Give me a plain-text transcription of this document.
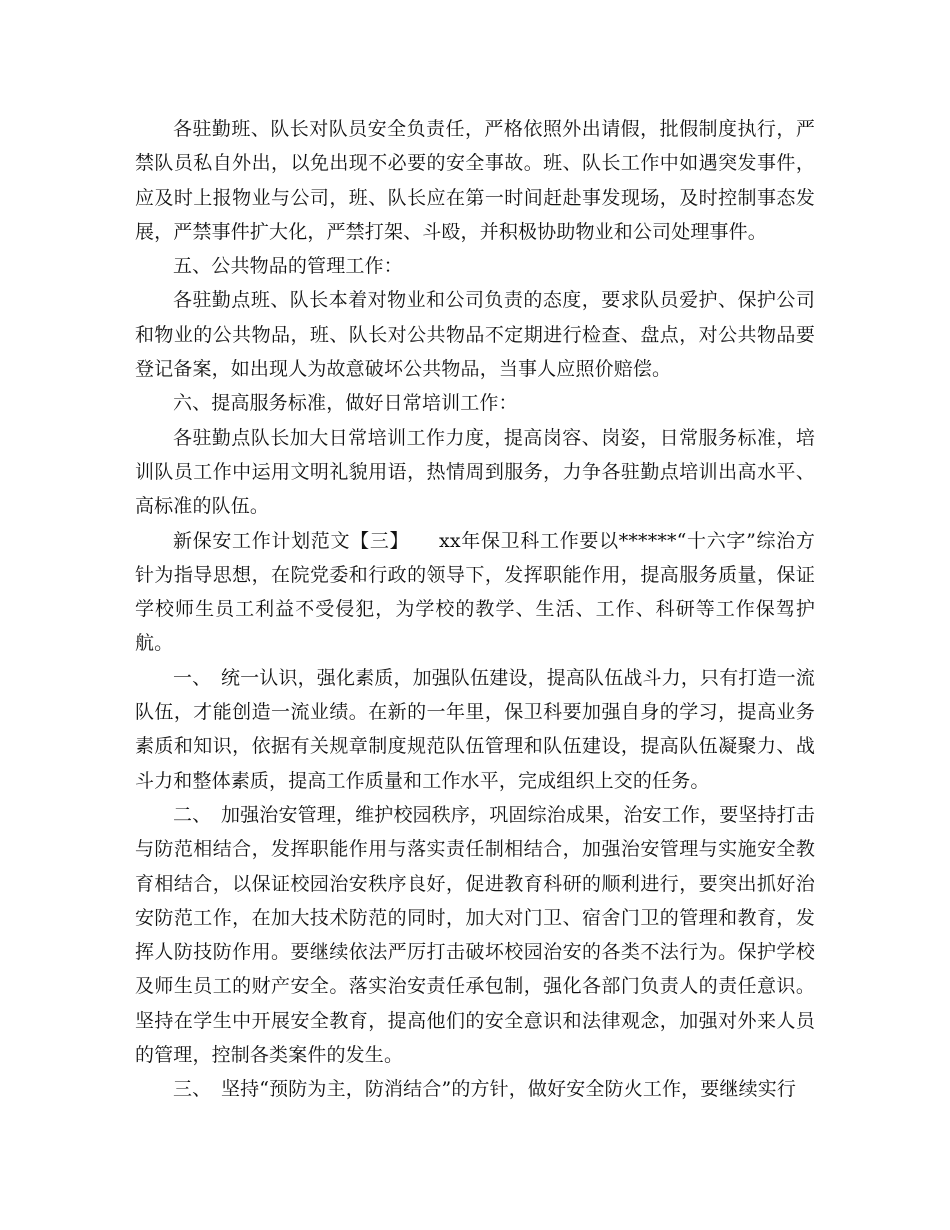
各驻勤班、队长对队员安全负责任，严格依照外出请假，批假制度执行，严禁队员私自外出，以免出现不必要的安全事故。班、队长工作中如遇突发事件，应及时上报物业与公司，班、队长应在第一时间赶赴事发现场，及时控制事态发展，严禁事件扩大化，严禁打架、斗殴，并积极协助物业和公司处理事件。

五、公共物品的管理工作：

各驻勤点班、队长本着对物业和公司负责的态度，要求队员爱护、保护公司和物业的公共物品，班、队长对公共物品不定期进行检查、盘点，对公共物品要登记备案，如出现人为故意破坏公共物品，当事人应照价赔偿。

六、提高服务标准，做好日常培训工作：

各驻勤点队长加大日常培训工作力度，提高岗容、岗姿，日常服务标准，培训队员工作中运用文明礼貌用语，热情周到服务，力争各驻勤点培训出高水平、高标准的队伍。

新保安工作计划范文【三】　　xx年保卫科工作要以******“十六字”综治方针为指导思想，在院党委和行政的领导下，发挥职能作用，提高服务质量，保证学校师生员工利益不受侵犯，为学校的教学、生活、工作、科研等工作保驾护航。

一、　统一认识，强化素质，加强队伍建设，提高队伍战斗力，只有打造一流队伍，才能创造一流业绩。在新的一年里，保卫科要加强自身的学习，提高业务素质和知识，依据有关规章制度规范队伍管理和队伍建设，提高队伍凝聚力、战斗力和整体素质，提高工作质量和工作水平，完成组织上交的任务。

二、　加强治安管理，维护校园秩序，巩固综治成果，治安工作，要坚持打击与防范相结合，发挥职能作用与落实责任制相结合，加强治安管理与实施安全教育相结合，以保证校园治安秩序良好，促进教育科研的顺利进行，要突出抓好治安防范工作，在加大技术防范的同时，加大对门卫、宿舍门卫的管理和教育，发挥人防技防作用。要继续依法严厉打击破坏校园治安的各类不法行为。保护学校及师生员工的财产安全。落实治安责任承包制，强化各部门负责人的责任意识。坚持在学生中开展安全教育，提高他们的安全意识和法律观念，加强对外来人员的管理，控制各类案件的发生。

三、　坚持“预防为主，防消结合”的方针，做好安全防火工作，要继续实行
